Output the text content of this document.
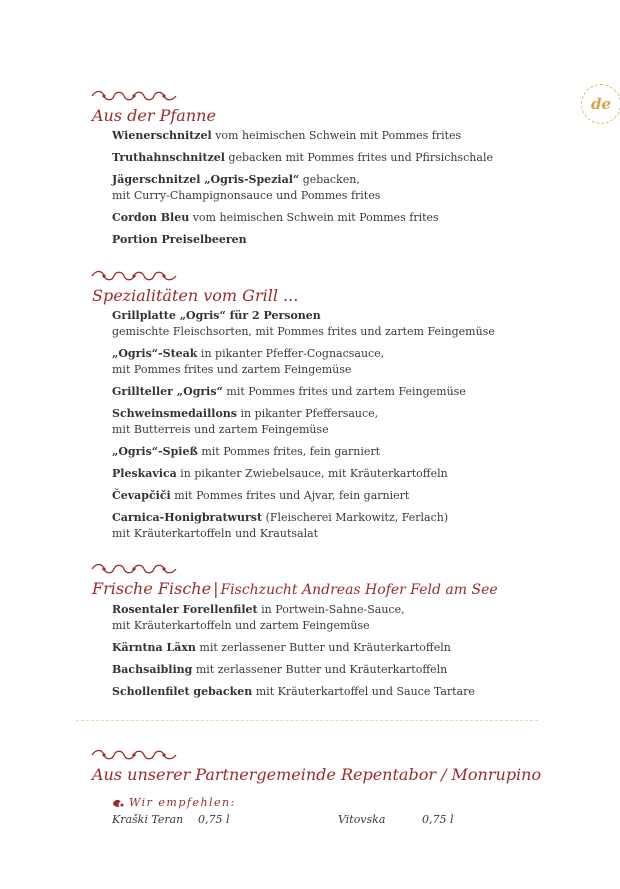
de
Aus der Pfanne
Wienerschnitzel vom heimischen Schwein mit Pommes frites
Truthahnschnitzel gebacken mit Pommes frites und Pfirsichschale
Jägerschnitzel „Ogris-Spezial“ gebacken,
mit Curry-Champignonsauce und Pommes frites
Cordon Bleu vom heimischen Schwein mit Pommes frites
Portion Preiselbeeren
Spezialitäten vom Grill ...
Grillplatte „Ogris“ für 2 Personen
gemischte Fleischsorten, mit Pommes frites und zartem Feingemüse
„Ogris“-Steak in pikanter Pfeffer-Cognacsauce,
mit Pommes frites und zartem Feingemüse
Grillteller „Ogris“ mit Pommes frites und zartem Feingemüse
Schweinsmedaillons in pikanter Pfeffersauce,
mit Butterreis und zartem Feingemüse
„Ogris“-Spieß mit Pommes frites, fein garniert
Pleskavica in pikanter Zwiebelsauce, mit Kräuterkartoffeln
Čevapčiči mit Pommes frites und Ajvar, fein garniert
Carnica-Honigbratwurst (Fleischerei Markowitz, Ferlach)
mit Kräuterkartoffeln und Krautsalat
Frische Fische | Fischzucht Andreas Hofer Feld am See
Rosentaler Forellenfilet in Portwein-Sahne-Sauce,
mit Kräuterkartoffeln und zartem Feingemüse
Kärntna Läxn mit zerlassener Butter und Kräuterkartoffeln
Bachsaibling mit zerlassener Butter und Kräuterkartoffeln
Schollenfilet gebacken mit Kräuterkartoffel und Sauce Tartare
Aus unserer Partnergemeinde Repentabor / Monrupino
Wir empfehlen:
Kraški Teran 0,75 l	Vitovska	0,75 l
